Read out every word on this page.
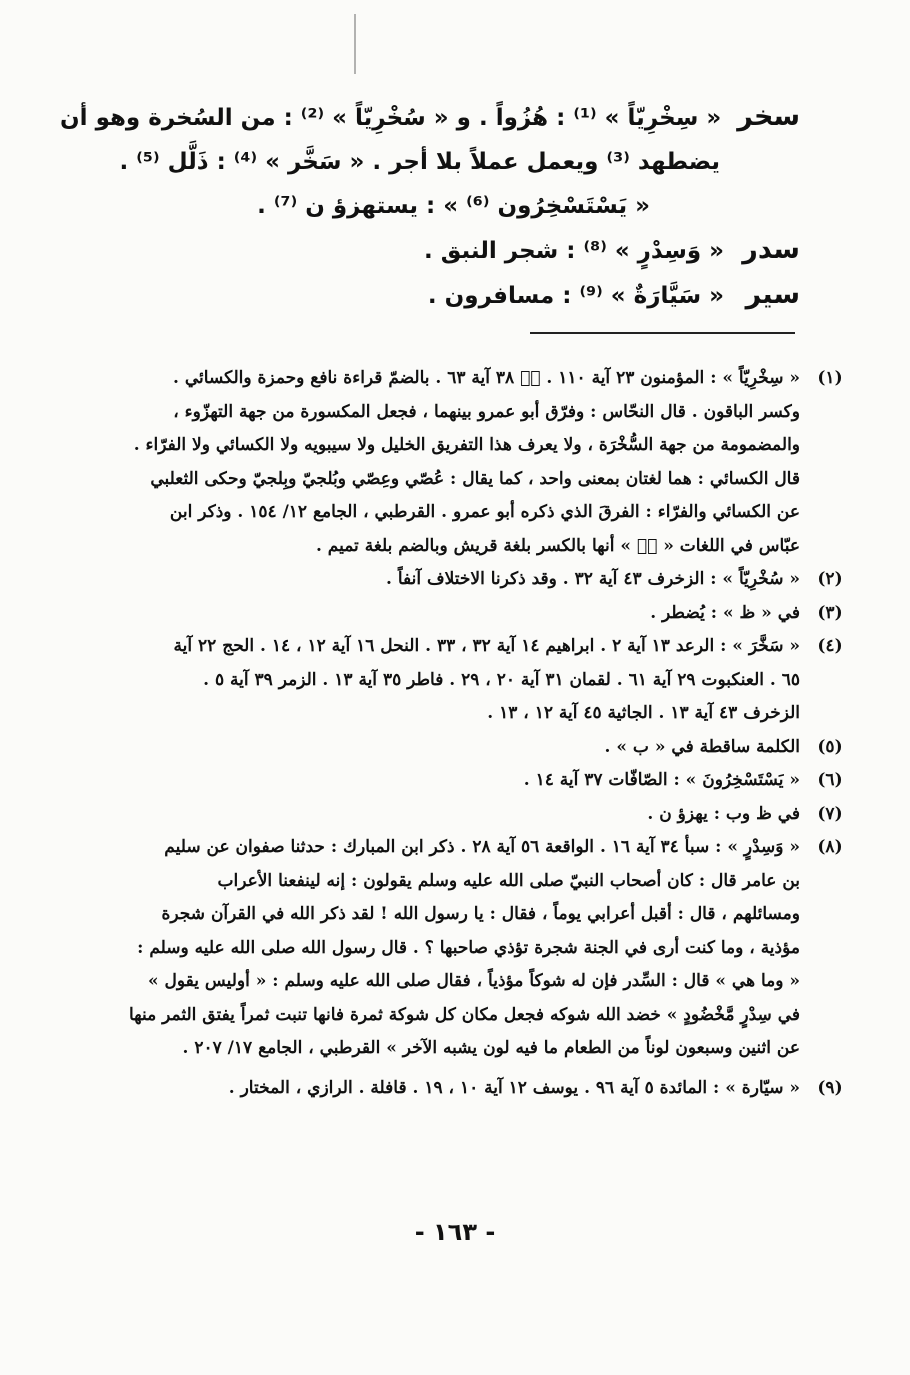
سخر« سِخْرِيّاً » ⁽¹⁾ : هُزُواً . و « سُخْرِيّاً » ⁽²⁾ : من السُخرة وهو أن
يضطهد ⁽³⁾ ويعمل عملاً بلا أجر . « سَخَّر » ⁽⁴⁾ : ذَلَّل ⁽⁵⁾ .
« يَسْتَسْخِرُون ⁽⁶⁾ » : يستهزؤ ن ⁽⁷⁾ .
سدر« وَسِدْرٍ » ⁽⁸⁾ : شجر النبق .
سير« سَيَّارَةٌ » ⁽⁹⁾ : مسافرون .
(١)

« سِخْرِيّاً » : المؤمنون ٢٣ آية ١١٠ . صۤ ٣٨ آية ٦٣ . بالضمّ قراءة نافع وحمزة والكسائي .

وكسر الباقون . قال النحّاس : وفرّق أبو عمرو بينهما ، فجعل المكسورة من جهة التهزّوء ،

والمضمومة من جهة السُّخْرَة ، ولا يعرف هذا التفريق الخليل ولا سيبويه ولا الكسائي ولا الفرّاء .

قال الكسائي : هما لغتان بمعنى واحد ، كما يقال : عُصّي وعِصّي وبُلجيّ وبِلجيّ وحكى الثعلبي

عن الكسائي والفرّاء : الفرقَ الذي ذكره أبو عمرو . القرطبي ، الجامع ١٢/ ١٥٤ . وذكر ابن

عبّاس في اللغات « صۤ » أنها بالكسر بلغة قريش وبالضم بلغة تميم .

(٢)

« سُخْرِيّاً » : الزخرف ٤٣ آية ٣٢ . وقد ذكرنا الاختلاف آنفاً .

(٣)

في « ظ » : يُضطر .

(٤)

« سَخَّرَ » : الرعد ١٣ آية ٢ . ابراهيم ١٤ آية ٣٢ ، ٣٣ . النحل ١٦ آية ١٢ ، ١٤ . الحج ٢٢ آية

٦٥ . العنكبوت ٢٩ آية ٦١ . لقمان ٣١ آية ٢٠ ، ٢٩ . فاطر ٣٥ آية ١٣ . الزمر ٣٩ آية ٥ .

الزخرف ٤٣ آية ١٣ . الجاثية ٤٥ آية ١٢ ، ١٣ .

(٥)

الكلمة ساقطة في « ب » .

(٦)

« يَسْتَسْخِرُونَ » : الصّافّات ٣٧ آية ١٤ .

(٧)

في ظ وب : يهزؤ ن .

(٨)

« وَسِدْرٍ » : سبأ ٣٤ آية ١٦ . الواقعة ٥٦ آية ٢٨ . ذكر ابن المبارك : حدثنا صفوان عن سليم

بن عامر قال : كان أصحاب النبيّ صلى الله عليه وسلم يقولون : إنه لينفعنا الأعراب

ومسائلهم ، قال : أقبل أعرابي يوماً ، فقال : يا رسول الله ! لقد ذكر الله في القرآن شجرة

مؤذية ، وما كنت أرى في الجنة شجرة تؤذي صاحبها ؟ . قال رسول الله صلى الله عليه وسلم :

« وما هي » قال : السِّدر فإن له شوكاً مؤذياً ، فقال صلى الله عليه وسلم : « أوليس يقول »

في سِدْرٍ مَّخْضُودٍ » خضد الله شوكه فجعل مكان كل شوكة ثمرة فانها تنبت ثمراً يفتق الثمر منها

عن اثنين وسبعون لوناً من الطعام ما فيه لون يشبه الآخر » القرطبي ، الجامع ١٧/ ٢٠٧ .

(٩)

« سيّارة » : المائدة ٥ آية ٩٦ . يوسف ١٢ آية ١٠ ، ١٩ . قافلة . الرازي ، المختار .

- ١٦٣ -
